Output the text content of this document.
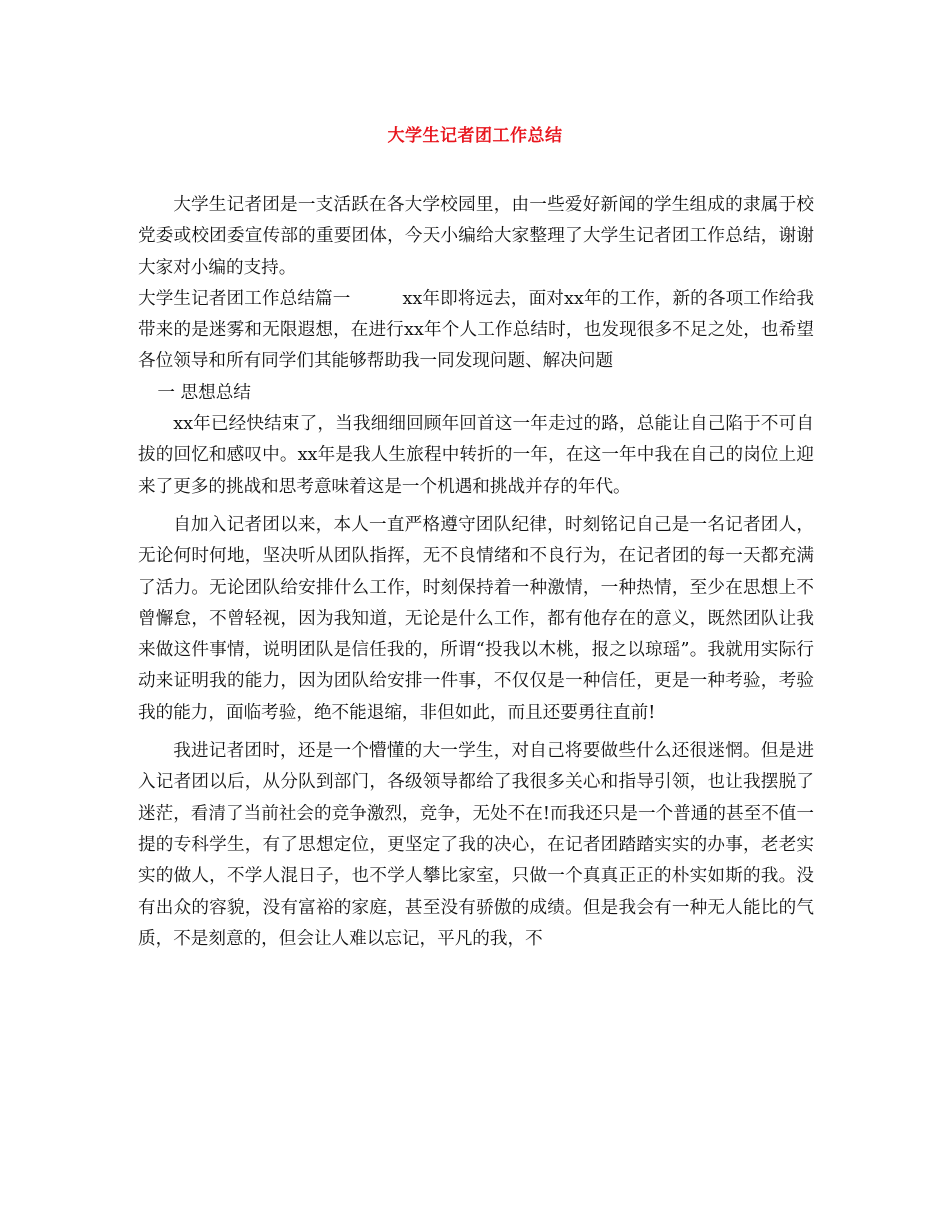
大学生记者团工作总结

大学生记者团是一支活跃在各大学校园里，由一些爱好新闻的学生组成的隶属于校党委或校团委宣传部的重要团体，今天小编给大家整理了大学生记者团工作总结，谢谢大家对小编的支持。

大学生记者团工作总结篇一	xx年即将远去，面对xx年的工作，新的各项工作给我带来的是迷雾和无限遐想，在进行xx年个人工作总结时，也发现很多不足之处，也希望各位领导和所有同学们其能够帮助我一同发现问题、解决问题

一 思想总结

xx年已经快结束了，当我细细回顾年回首这一年走过的路，总能让自己陷于不可自拔的回忆和感叹中。xx年是我人生旅程中转折的一年，在这一年中我在自己的岗位上迎来了更多的挑战和思考意味着这是一个机遇和挑战并存的年代。

自加入记者团以来，本人一直严格遵守团队纪律，时刻铭记自己是一名记者团人，无论何时何地，坚决听从团队指挥，无不良情绪和不良行为，在记者团的每一天都充满了活力。无论团队给安排什么工作，时刻保持着一种激情，一种热情，至少在思想上不曾懈怠，不曾轻视，因为我知道，无论是什么工作，都有他存在的意义，既然团队让我来做这件事情，说明团队是信任我的，所谓“投我以木桃，报之以琼瑶”。我就用实际行动来证明我的能力，因为团队给安排一件事，不仅仅是一种信任，更是一种考验，考验我的能力，面临考验，绝不能退缩，非但如此，而且还要勇往直前!

我进记者团时，还是一个懵懂的大一学生，对自己将要做些什么还很迷惘。但是进入记者团以后，从分队到部门，各级领导都给了我很多关心和指导引领，也让我摆脱了迷茫，看清了当前社会的竞争激烈，竞争，无处不在!而我还只是一个普通的甚至不值一提的专科学生，有了思想定位，更坚定了我的决心，在记者团踏踏实实的办事，老老实实的做人，不学人混日子，也不学人攀比家室，只做一个真真正正的朴实如斯的我。没有出众的容貌，没有富裕的家庭，甚至没有骄傲的成绩。但是我会有一种无人能比的气质，不是刻意的，但会让人难以忘记，平凡的我，不
